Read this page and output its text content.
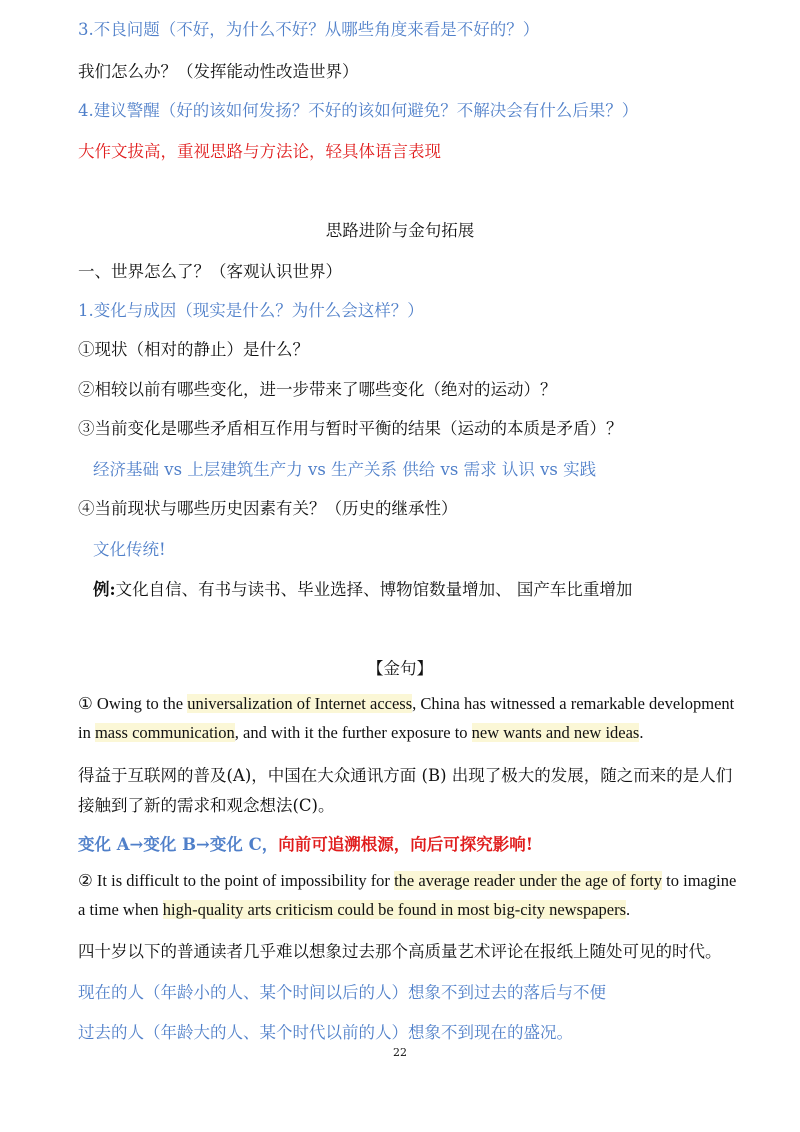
3.不良问题（不好，为什么不好？从哪些角度来看是不好的？）

我们怎么办？（发挥能动性改造世界）

4.建议警醒（好的该如何发扬？不好的该如何避免？不解决会有什么后果？）

大作文拔高，重视思路与方法论，轻具体语言表现

思路进阶与金句拓展

一、世界怎么了？（客观认识世界）

1.变化与成因（现实是什么？为什么会这样？）

①现状（相对的静止）是什么？

②相较以前有哪些变化，进一步带来了哪些变化（绝对的运动）？

③当前变化是哪些矛盾相互作用与暂时平衡的结果（运动的本质是矛盾）？

经济基础 vs 上层建筑生产力 vs 生产关系 供给 vs 需求 认识 vs 实践

④当前现状与哪些历史因素有关？（历史的继承性）

文化传统!

例:文化自信、有书与读书、毕业选择、博物馆数量增加、 国产车比重增加

【金句】

① Owing to the universalization of Internet access, China has witnessed a remarkable development

in mass communication, and with it the further exposure to new wants and new ideas.

得益于互联网的普及(A)，中国在大众通讯方面 (B) 出现了极大的发展，随之而来的是人们

接触到了新的需求和观念想法(C)。

变化 A→变化 B→变化 C，向前可追溯根源，向后可探究影响!

② It is difficult to the point of impossibility for the average reader under the age of forty to imagine

a time when high-quality arts criticism could be found in most big-city newspapers.

四十岁以下的普通读者几乎难以想象过去那个高质量艺术评论在报纸上随处可见的时代。

现在的人（年龄小的人、某个时间以后的人）想象不到过去的落后与不便

过去的人（年龄大的人、某个时代以前的人）想象不到现在的盛况。

22
